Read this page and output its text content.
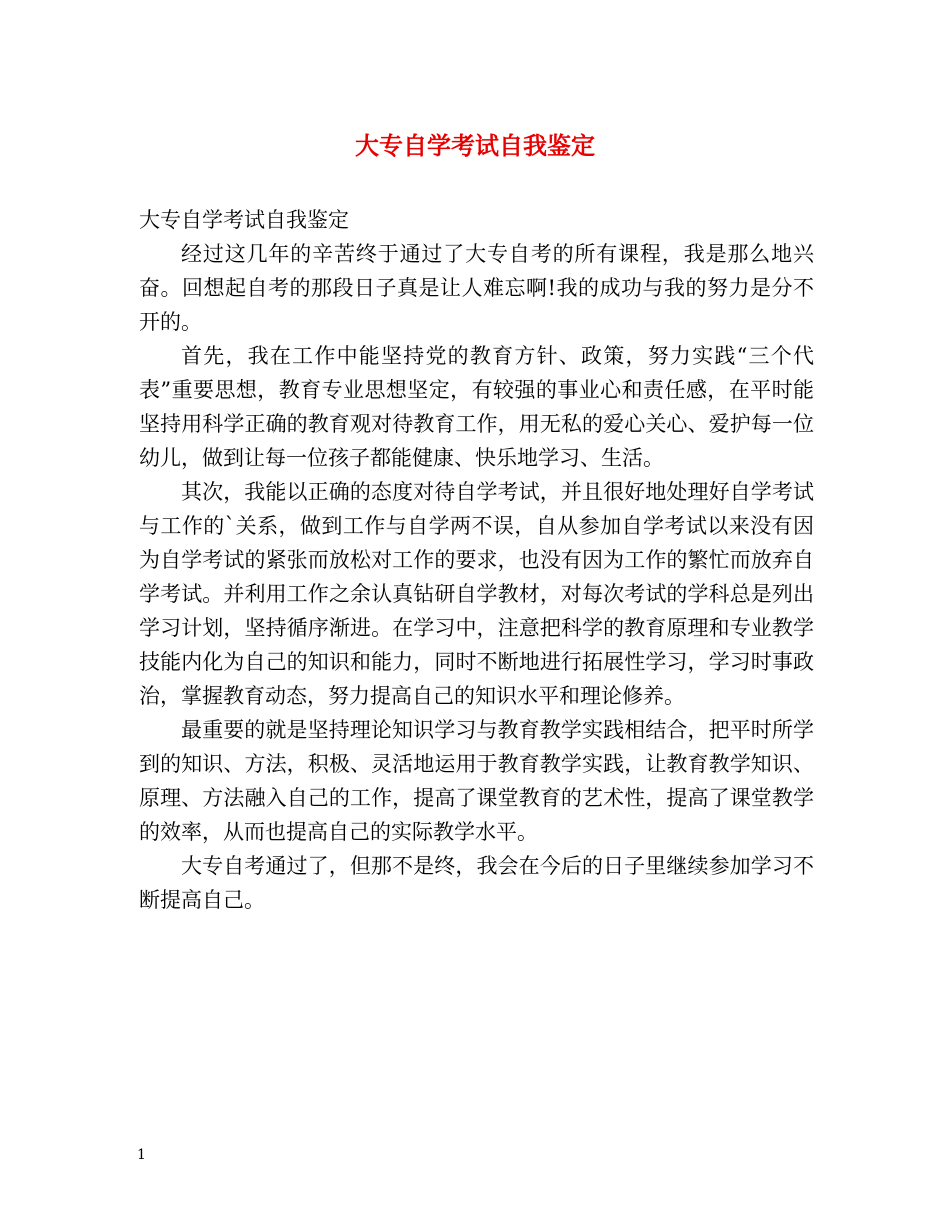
大专自学考试自我鉴定

大专自学考试自我鉴定

经过这几年的辛苦终于通过了大专自考的所有课程，我是那么地兴奋。回想起自考的那段日子真是让人难忘啊!我的成功与我的努力是分不开的。

首先，我在工作中能坚持党的教育方针、政策，努力实践“三个代表”重要思想，教育专业思想坚定，有较强的事业心和责任感，在平时能坚持用科学正确的教育观对待教育工作，用无私的爱心关心、爱护每一位幼儿，做到让每一位孩子都能健康、快乐地学习、生活。

其次，我能以正确的态度对待自学考试，并且很好地处理好自学考试与工作的`关系，做到工作与自学两不误，自从参加自学考试以来没有因为自学考试的紧张而放松对工作的要求，也没有因为工作的繁忙而放弃自学考试。并利用工作之余认真钻研自学教材，对每次考试的学科总是列出学习计划，坚持循序渐进。在学习中，注意把科学的教育原理和专业教学技能内化为自己的知识和能力，同时不断地进行拓展性学习，学习时事政治，掌握教育动态，努力提高自己的知识水平和理论修养。

最重要的就是坚持理论知识学习与教育教学实践相结合，把平时所学到的知识、方法，积极、灵活地运用于教育教学实践，让教育教学知识、原理、方法融入自己的工作，提高了课堂教育的艺术性，提高了课堂教学的效率，从而也提高自己的实际教学水平。

大专自考通过了，但那不是终，我会在今后的日子里继续参加学习不断提高自己。

1
